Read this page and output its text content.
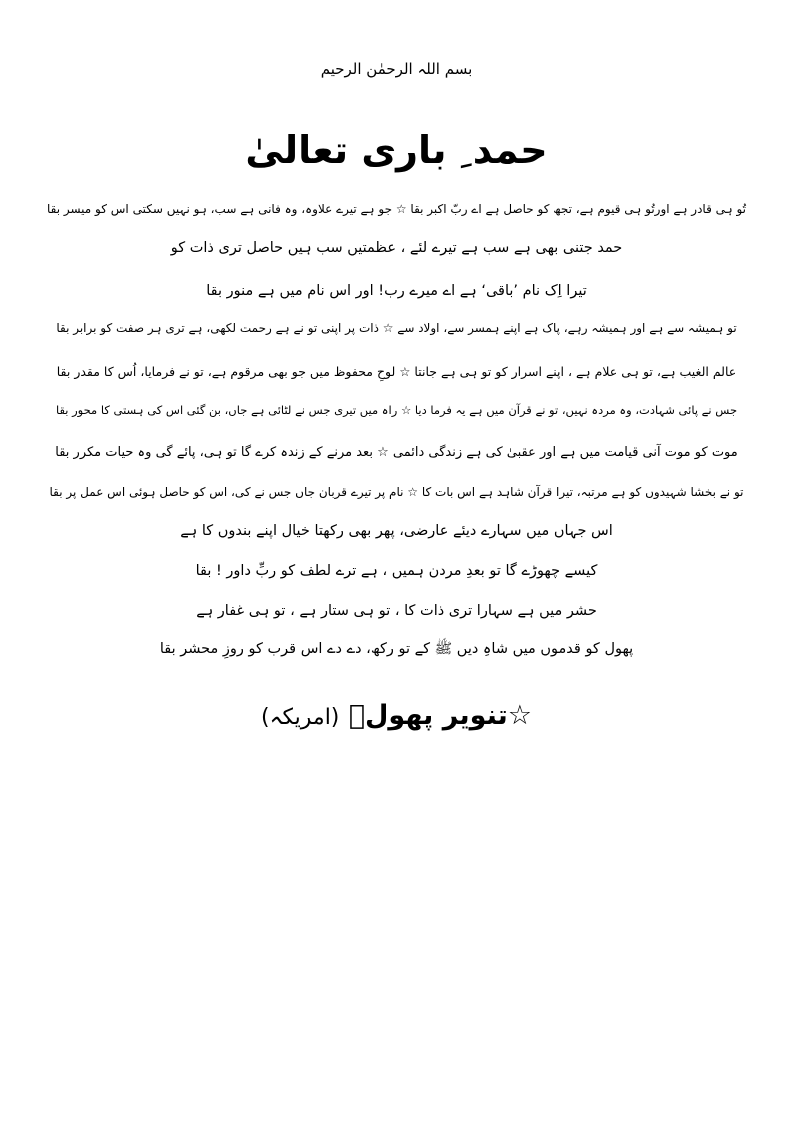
بسم اللہ الرحمٰن الرحیم
حمد ِ باری تعالیٰ
تُو ہی قادر ہے اورتُو ہی قیوم ہے، تجھ کو حاصل ہے اے ربّ اکبر بقا ☆ جو ہے تیرے علاوہ، وہ فانی ہے سب، ہو نہیں سکتی اس کو میسر بقا
حمد جتنی بھی ہے سب ہے تیرے لئے ، عظمتیں سب ہیں حاصل تری ذات کو
تیرا اِک نام ’باقی‘ ہے اے میرے رب! اور اس نام میں ہے منور بقا
تو ہمیشہ سے ہے اور ہمیشہ رہے، پاک ہے اپنے ہمسر سے، اولاد سے ☆ ذات پر اپنی تو نے ہے رحمت لکھی، ہے تری ہر صفت کو برابر بقا
عالم الغیب ہے، تو ہی علام ہے ، اپنے اسرار کو تو ہی ہے جانتا ☆ لوحِ محفوظ میں جو بھی مرقوم ہے، تو نے فرمایا، اُس کا مقدر بقا
جس نے پائی شہادت، وہ مردہ نہیں، تو نے قرآن میں ہے یہ فرما دیا ☆ راہ میں تیری جس نے لٹائی ہے جاں، بن گئی اس کی ہستی کا محور بقا
موت کو موت آنی قیامت میں ہے اور عقبیٰ کی ہے زندگی دائمی ☆ بعد مرنے کے زندہ کرے گا تو ہی، پائے گی وہ حیات مکرر بقا
تو نے بخشا شہیدوں کو ہے مرتبہ، تیرا قرآن شاہد ہے اس بات کا ☆ نام پر تیرے قربان جاں جس نے کی، اس کو حاصل ہوئی اس عمل پر بقا
اس جہاں میں سہارے دیئے عارضی، پھر بھی رکھتا خیال اپنے بندوں کا ہے
کیسے چھوڑے گا تو بعدِ مردن ہمیں ، ہے ترے لطف کو ربِّ داور ! بقا
حشر میں ہے سہارا تری ذات کا ، تو ہی ستار ہے ، تو ہی غفار ہے
پھول کو قدموں میں شاہِ دیں ﷺ کے تو رکھ، دے دے اس قرب کو روزِ محشر بقا
☆تنویر پھولؔ (امریکہ)
